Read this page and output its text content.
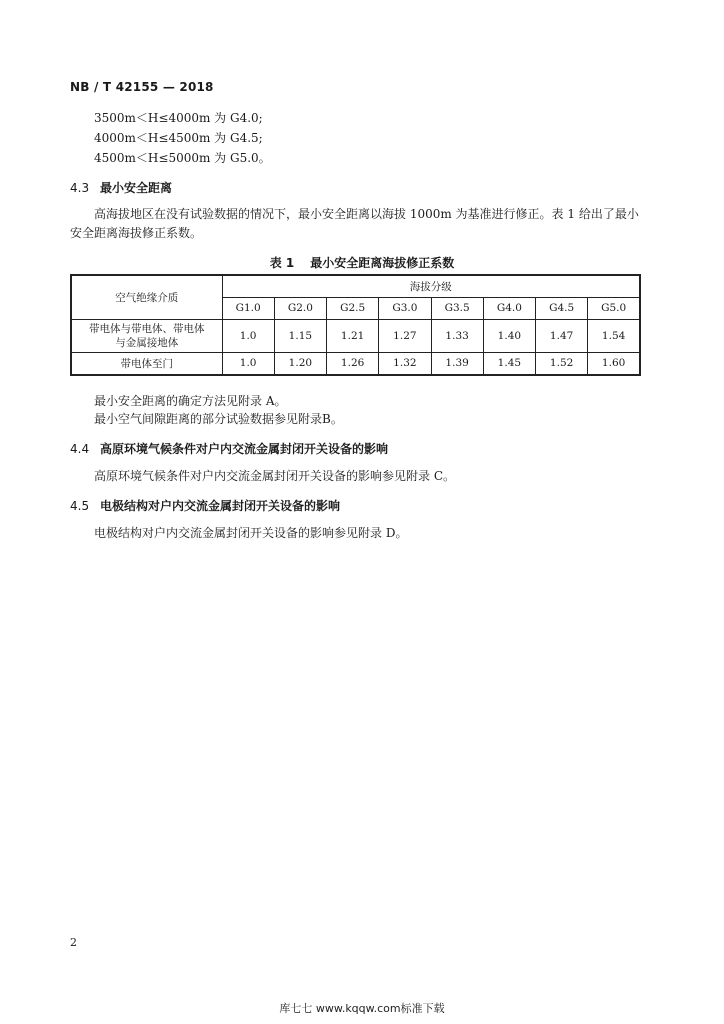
NB / T 42155 — 2018
3500m＜H≤4000m 为 G4.0;
4000m＜H≤4500m 为 G4.5;
4500m＜H≤5000m 为 G5.0。
4.3 最小安全距离
高海拔地区在没有试验数据的情况下，最小安全距离以海拔 1000m 为基准进行修正。表 1 给出了最小安全距离海拔修正系数。
表 1 最小安全距离海拔修正系数
空气绝缘介质	海拔分级							
	G1.0	G2.0	G2.5	G3.0	G3.5	G4.0	G4.5	G5.0
带电体与带电体、带电体与金属接地体	1.0	1.15	1.21	1.27	1.33	1.40	1.47	1.54
带电体至门	1.0	1.20	1.26	1.32	1.39	1.45	1.52	1.60
最小安全距离的确定方法见附录 A。
最小空气间隙距离的部分试验数据参见附录B。
4.4 高原环境气候条件对户内交流金属封闭开关设备的影响
高原环境气候条件对户内交流金属封闭开关设备的影响参见附录 C。
4.5 电极结构对户内交流金属封闭开关设备的影响
电极结构对户内交流金属封闭开关设备的影响参见附录 D。
2
库七七 www.kqqw.com标准下载
